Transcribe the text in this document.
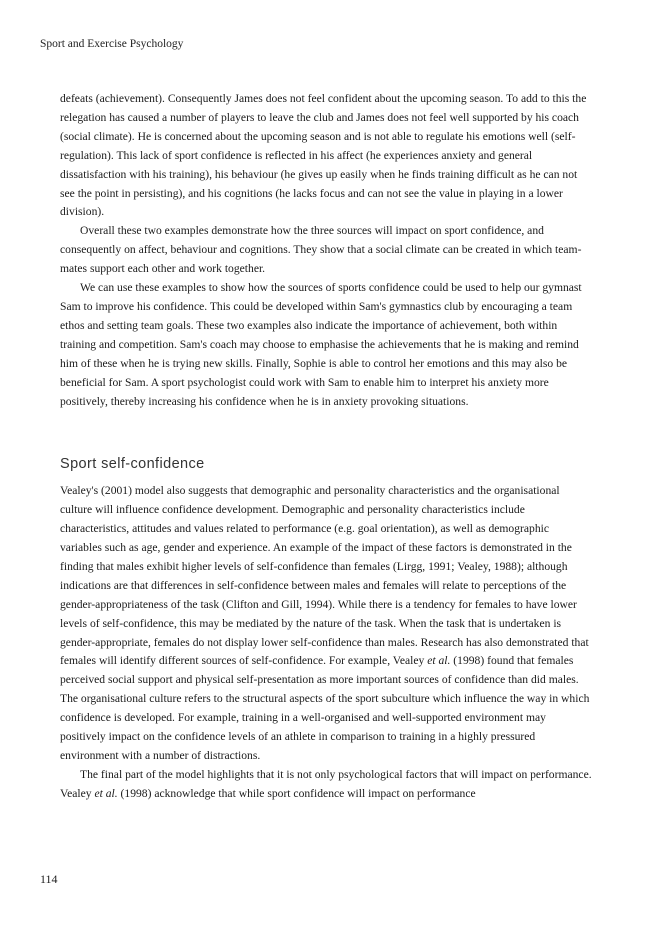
Sport and Exercise Psychology

defeats (achievement). Consequently James does not feel confident about the upcoming season. To add to this the relegation has caused a number of players to leave the club and James does not feel well supported by his coach (social climate). He is concerned about the upcoming season and is not able to regulate his emotions well (self-regulation). This lack of sport confidence is reflected in his affect (he experiences anxiety and general dissatisfaction with his training), his behaviour (he gives up easily when he finds training difficult as he can not see the point in persisting), and his cognitions (he lacks focus and can not see the value in playing in a lower division).

Overall these two examples demonstrate how the three sources will impact on sport confidence, and consequently on affect, behaviour and cognitions. They show that a social climate can be created in which team-mates support each other and work together.

We can use these examples to show how the sources of sports confidence could be used to help our gymnast Sam to improve his confidence. This could be developed within Sam's gymnastics club by encouraging a team ethos and setting team goals. These two examples also indicate the importance of achievement, both within training and competition. Sam's coach may choose to emphasise the achievements that he is making and remind him of these when he is trying new skills. Finally, Sophie is able to control her emotions and this may also be beneficial for Sam. A sport psychologist could work with Sam to enable him to interpret his anxiety more positively, thereby increasing his confidence when he is in anxiety provoking situations.

Sport self-confidence

Vealey's (2001) model also suggests that demographic and personality characteristics and the organisational culture will influence confidence development. Demographic and personality characteristics include characteristics, attitudes and values related to performance (e.g. goal orientation), as well as demographic variables such as age, gender and experience. An example of the impact of these factors is demonstrated in the finding that males exhibit higher levels of self-confidence than females (Lirgg, 1991; Vealey, 1988); although indications are that differences in self-confidence between males and females will relate to perceptions of the gender-appropriateness of the task (Clifton and Gill, 1994). While there is a tendency for females to have lower levels of self-confidence, this may be mediated by the nature of the task. When the task that is undertaken is gender-appropriate, females do not display lower self-confidence than males. Research has also demonstrated that females will identify different sources of self-confidence. For example, Vealey et al. (1998) found that females perceived social support and physical self-presentation as more important sources of confidence than did males. The organisational culture refers to the structural aspects of the sport subculture which influence the way in which confidence is developed. For example, training in a well-organised and well-supported environment may positively impact on the confidence levels of an athlete in comparison to training in a highly pressured environment with a number of distractions.

The final part of the model highlights that it is not only psychological factors that will impact on performance. Vealey et al. (1998) acknowledge that while sport confidence will impact on performance

114
